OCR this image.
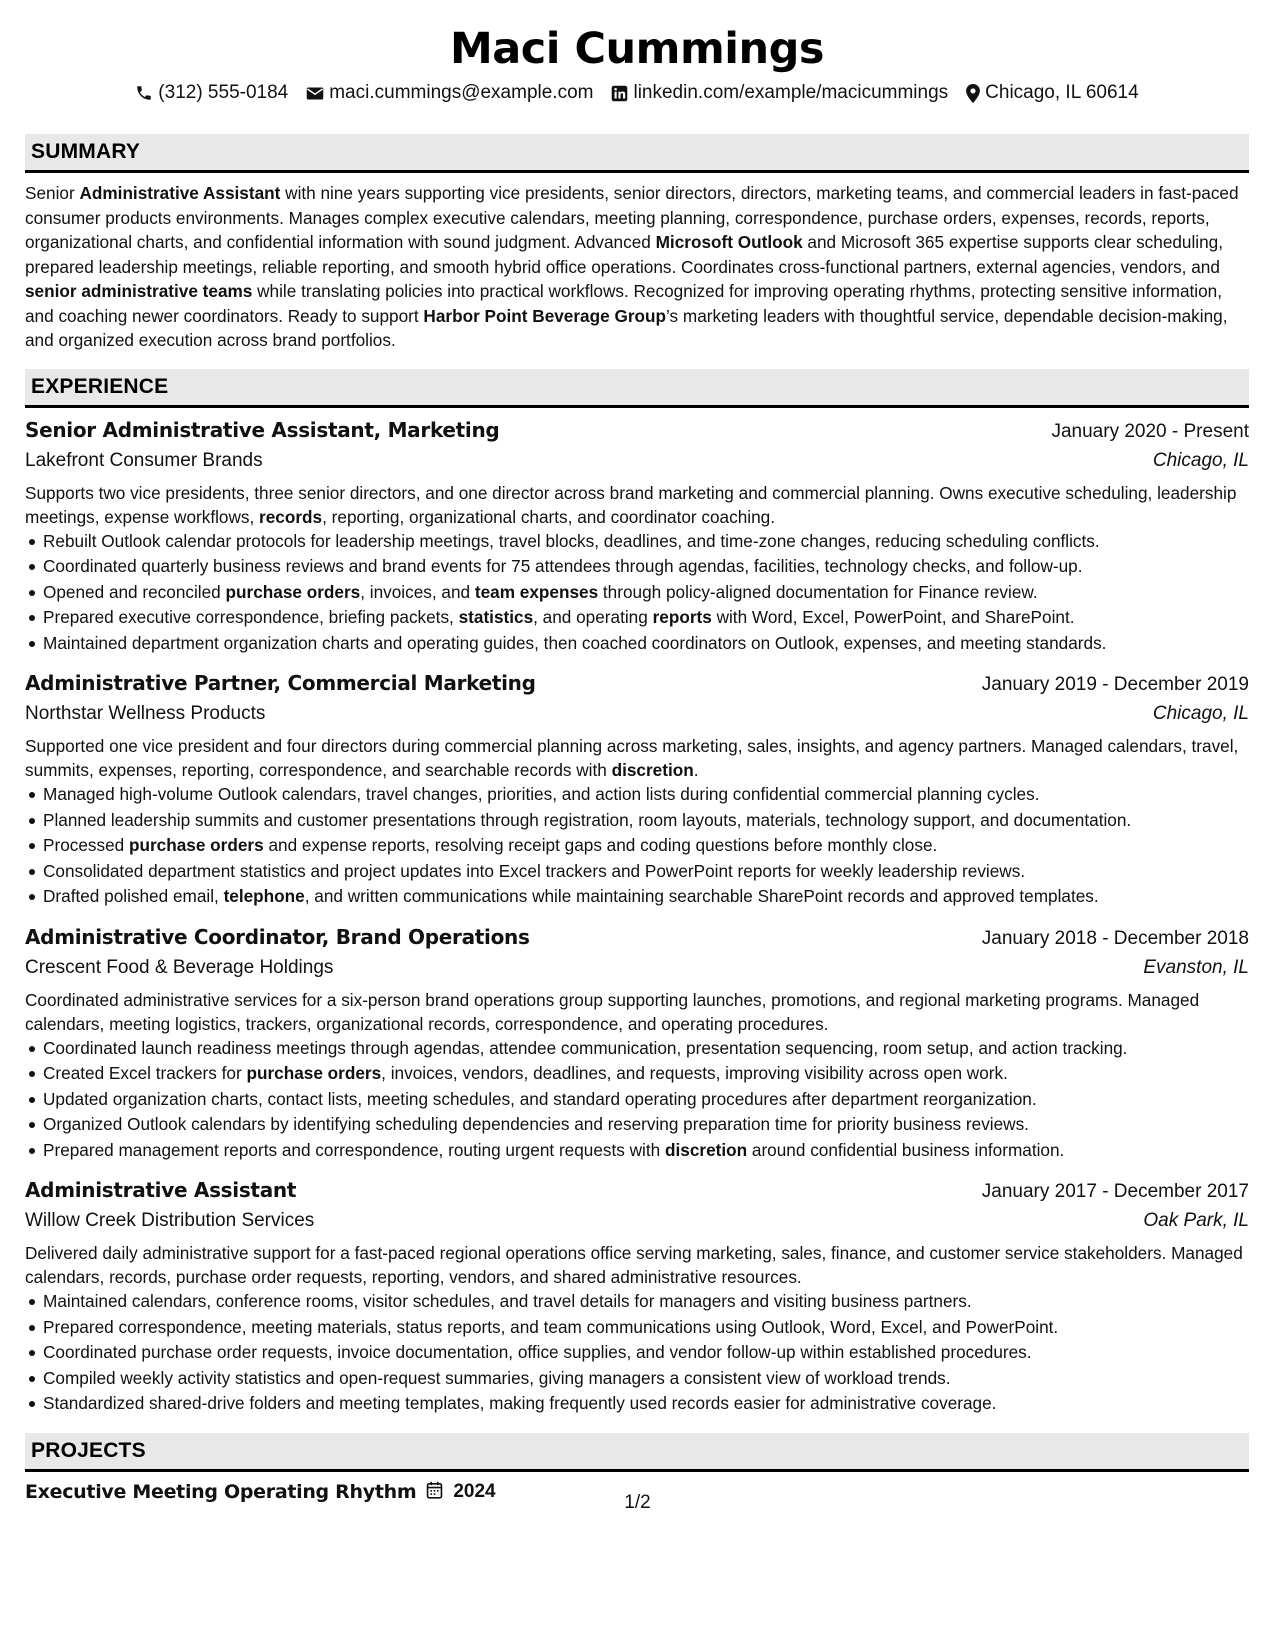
Maci Cummings
(312) 555-0184 maci.cummings@example.com linkedin.com/example/macicummings Chicago, IL 60614
SUMMARY
Senior Administrative Assistant with nine years supporting vice presidents, senior directors, directors, marketing teams, and commercial leaders in fast-paced consumer products environments. Manages complex executive calendars, meeting planning, correspondence, purchase orders, expenses, records, reports, organizational charts, and confidential information with sound judgment. Advanced Microsoft Outlook and Microsoft 365 expertise supports clear scheduling, prepared leadership meetings, reliable reporting, and smooth hybrid office operations. Coordinates cross-functional partners, external agencies, vendors, and senior administrative teams while translating policies into practical workflows. Recognized for improving operating rhythms, protecting sensitive information, and coaching newer coordinators. Ready to support Harbor Point Beverage Group’s marketing leaders with thoughtful service, dependable decision-making, and organized execution across brand portfolios.
EXPERIENCE
Senior Administrative Assistant, Marketing	January 2020 - Present
Lakefront Consumer Brands	Chicago, IL
Supports two vice presidents, three senior directors, and one director across brand marketing and commercial planning. Owns executive scheduling, leadership meetings, expense workflows, records, reporting, organizational charts, and coordinator coaching.
Rebuilt Outlook calendar protocols for leadership meetings, travel blocks, deadlines, and time-zone changes, reducing scheduling conflicts.
Coordinated quarterly business reviews and brand events for 75 attendees through agendas, facilities, technology checks, and follow-up.
Opened and reconciled purchase orders, invoices, and team expenses through policy-aligned documentation for Finance review.
Prepared executive correspondence, briefing packets, statistics, and operating reports with Word, Excel, PowerPoint, and SharePoint.
Maintained department organization charts and operating guides, then coached coordinators on Outlook, expenses, and meeting standards.
Administrative Partner, Commercial Marketing	January 2019 - December 2019
Northstar Wellness Products	Chicago, IL
Supported one vice president and four directors during commercial planning across marketing, sales, insights, and agency partners. Managed calendars, travel, summits, expenses, reporting, correspondence, and searchable records with discretion.
Managed high-volume Outlook calendars, travel changes, priorities, and action lists during confidential commercial planning cycles.
Planned leadership summits and customer presentations through registration, room layouts, materials, technology support, and documentation.
Processed purchase orders and expense reports, resolving receipt gaps and coding questions before monthly close.
Consolidated department statistics and project updates into Excel trackers and PowerPoint reports for weekly leadership reviews.
Drafted polished email, telephone, and written communications while maintaining searchable SharePoint records and approved templates.
Administrative Coordinator, Brand Operations	January 2018 - December 2018
Crescent Food & Beverage Holdings	Evanston, IL
Coordinated administrative services for a six-person brand operations group supporting launches, promotions, and regional marketing programs. Managed calendars, meeting logistics, trackers, organizational records, correspondence, and operating procedures.
Coordinated launch readiness meetings through agendas, attendee communication, presentation sequencing, room setup, and action tracking.
Created Excel trackers for purchase orders, invoices, vendors, deadlines, and requests, improving visibility across open work.
Updated organization charts, contact lists, meeting schedules, and standard operating procedures after department reorganization.
Organized Outlook calendars by identifying scheduling dependencies and reserving preparation time for priority business reviews.
Prepared management reports and correspondence, routing urgent requests with discretion around confidential business information.
Administrative Assistant	January 2017 - December 2017
Willow Creek Distribution Services	Oak Park, IL
Delivered daily administrative support for a fast-paced regional operations office serving marketing, sales, finance, and customer service stakeholders. Managed calendars, records, purchase order requests, reporting, vendors, and shared administrative resources.
Maintained calendars, conference rooms, visitor schedules, and travel details for managers and visiting business partners.
Prepared correspondence, meeting materials, status reports, and team communications using Outlook, Word, Excel, and PowerPoint.
Coordinated purchase order requests, invoice documentation, office supplies, and vendor follow-up within established procedures.
Compiled weekly activity statistics and open-request summaries, giving managers a consistent view of workload trends.
Standardized shared-drive folders and meeting templates, making frequently used records easier for administrative coverage.
PROJECTS
Executive Meeting Operating Rhythm 2024
1/2
